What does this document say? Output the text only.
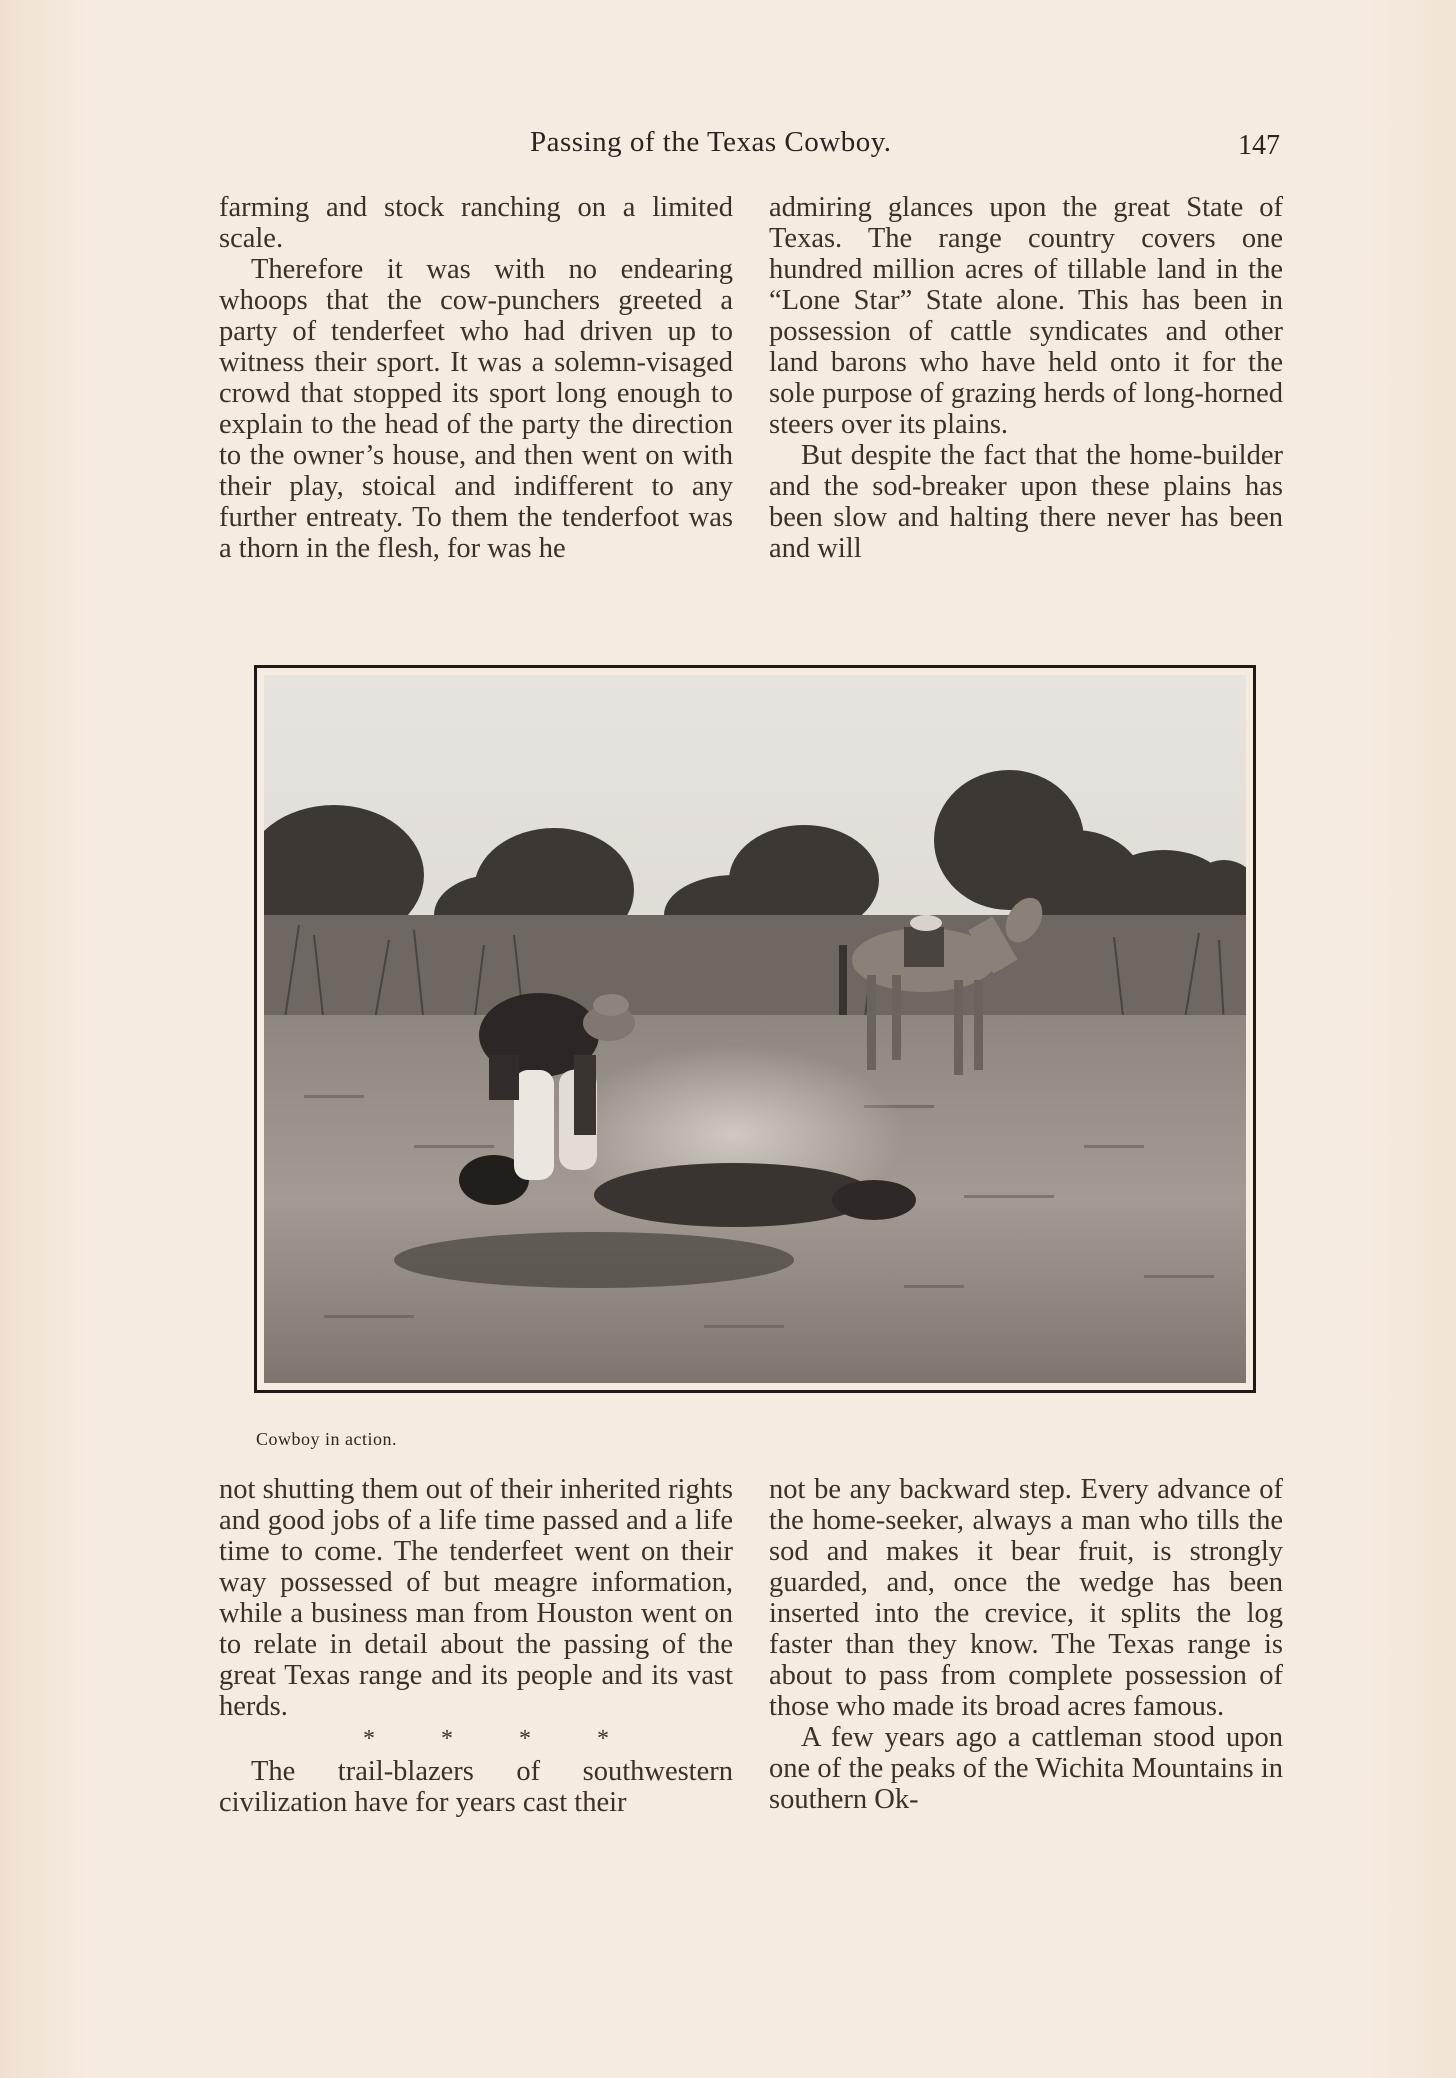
Passing of the Texas Cowboy.	147

farming and stock ranching on a limited scale.

Therefore it was with no endearing whoops that the cow-punchers greeted a party of tenderfeet who had driven up to witness their sport. It was a solemn-visaged crowd that stopped its sport long enough to explain to the head of the party the direction to the owner’s house, and then went on with their play, stoical and indifferent to any further entreaty. To them the tenderfoot was a thorn in the flesh, for was he

admiring glances upon the great State of Texas. The range country covers one hundred million acres of tillable land in the “Lone Star” State alone. This has been in possession of cattle syndicates and other land barons who have held onto it for the sole purpose of grazing herds of long-horned steers over its plains.

But despite the fact that the home-builder and the sod-breaker upon these plains has been slow and halting there never has been and will

Cowboy in action.

not shutting them out of their inherited rights and good jobs of a life time passed and a life time to come. The tenderfeet went on their way possessed of but meagre information, while a business man from Houston went on to relate in detail about the passing of the great Texas range and its people and its vast herds.

* * * *

The trail-blazers of southwestern civilization have for years cast their

not be any backward step. Every advance of the home-seeker, always a man who tills the sod and makes it bear fruit, is strongly guarded, and, once the wedge has been inserted into the crevice, it splits the log faster than they know. The Texas range is about to pass from complete possession of those who made its broad acres famous.

A few years ago a cattleman stood upon one of the peaks of the Wichita Mountains in southern Ok-
